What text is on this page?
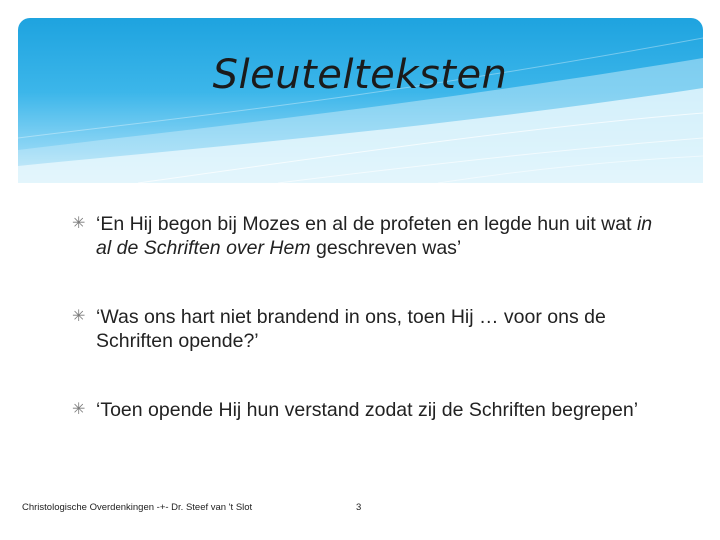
Sleutelteksten
✳ ‘En Hij begon bij Mozes en al de profeten en legde hun uit wat in al de Schriften over Hem geschreven was’
✳ ‘Was ons hart niet brandend in ons, toen Hij … voor ons de Schriften opende?’
✳ ‘Toen opende Hij hun verstand zodat zij de Schriften begrepen’
Christologische Overdenkingen -+- Dr. Steef van 't Slot	3
